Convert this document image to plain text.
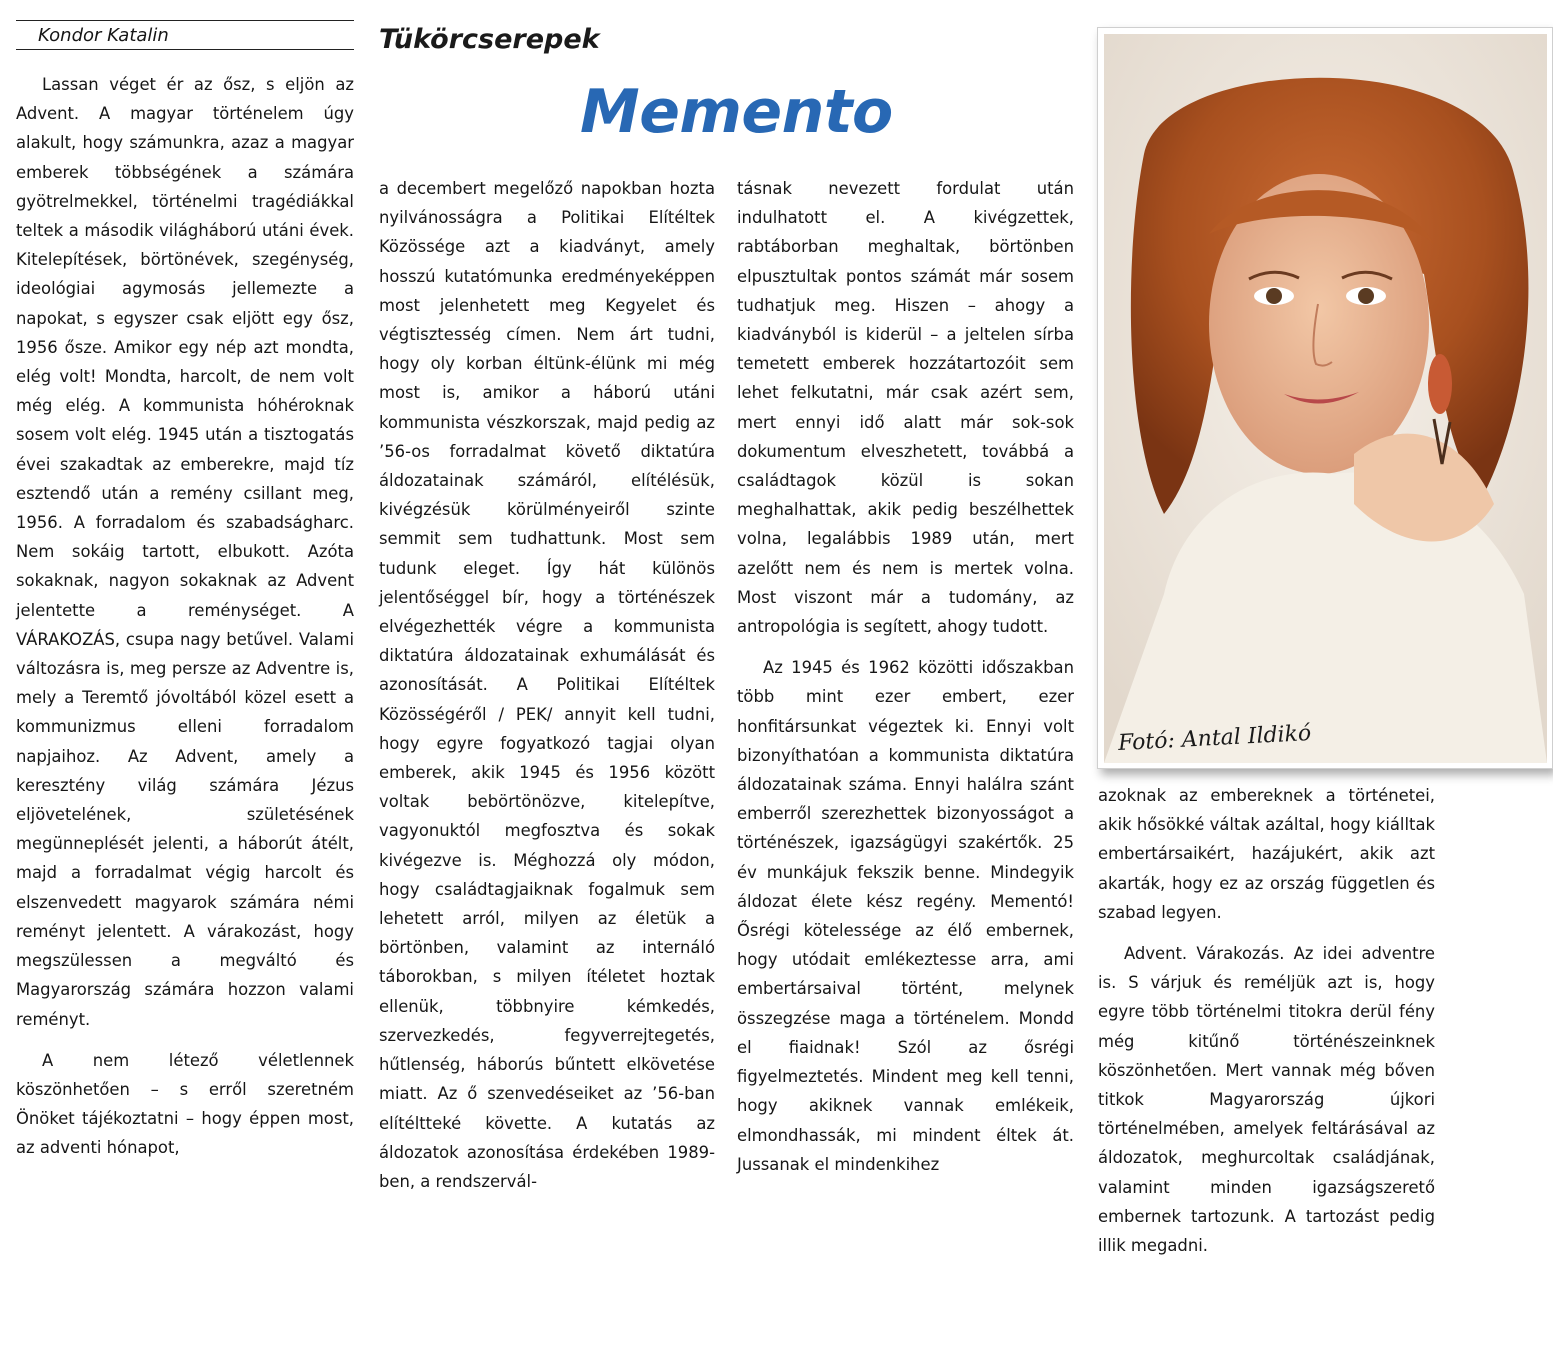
Kondor Katalin	Tükörcserepek
Memento

Lassan véget ér az ősz, s eljön az Advent. A magyar történelem úgy alakult, hogy számunkra, azaz a magyar emberek többségének a számára gyötrelmekkel, történelmi tragédiákkal teltek a második világháború utáni évek. Kitelepítések, börtönévek, szegénység, ideológiai agymosás jellemezte a napokat, s egyszer csak eljött egy ősz, 1956 ősze. Amikor egy nép azt mondta, elég volt! Mondta, harcolt, de nem volt még elég. A kommunista hóhéroknak sosem volt elég. 1945 után a tisztogatás évei szakadtak az emberekre, majd tíz esztendő után a remény csillant meg, 1956. A forradalom és szabadságharc. Nem sokáig tartott, elbukott. Azóta sokaknak, nagyon sokaknak az Advent jelentette a reménységet. A VÁRAKOZÁS, csupa nagy betűvel. Valami változásra is, meg persze az Adventre is, mely a Teremtő jóvoltából közel esett a kommunizmus elleni forradalom napjaihoz. Az Advent, amely a keresztény világ számára Jézus eljövetelének, születésének megünneplését jelenti, a háborút átélt, majd a forradalmat végig harcolt és elszenvedett magyarok számára némi reményt jelentett. A várakozást, hogy megszülessen a megváltó és Magyarország számára hozzon valami reményt.

A nem létező véletlennek köszönhetően – s erről szeretném Önöket tájékoztatni – hogy éppen most, az adventi hónapot,

a decembert megelőző napokban hozta nyilvánosságra a Politikai Elítéltek Közössége azt a kiadványt, amely hosszú kutatómunka eredményeképpen most jelenhetett meg Kegyelet és végtisztesség címen. Nem árt tudni, hogy oly korban éltünk-élünk mi még most is, amikor a háború utáni kommunista vészkorszak, majd pedig az ’56-os forradalmat követő diktatúra áldozatainak számáról, elítélésük, kivégzésük körülményeiről szinte semmit sem tudhattunk. Most sem tudunk eleget. Így hát különös jelentőséggel bír, hogy a történészek elvégezhették végre a kommunista diktatúra áldozatainak exhumálását és azonosítását. A Politikai Elítéltek Közösségéről / PEK/ annyit kell tudni, hogy egyre fogyatkozó tagjai olyan emberek, akik 1945 és 1956 között voltak bebörtönözve, kitelepítve, vagyonuktól megfosztva és sokak kivégezve is. Méghozzá oly módon, hogy családtagjaiknak fogalmuk sem lehetett arról, milyen az életük a börtönben, valamint az internáló táborokban, s milyen ítéletet hoztak ellenük, többnyire kémkedés, szervezkedés, fegyverrejtegetés, hűtlenség, háborús bűntett elkövetése miatt. Az ő szenvedéseiket az ’56-ban elítéltteké követte. A kutatás az áldozatok azonosítása érdekében 1989-ben, a rendszervál-

tásnak nevezett fordulat után indulhatott el. A kivégzettek, rabtáborban meghaltak, börtönben elpusztultak pontos számát már sosem tudhatjuk meg. Hiszen – ahogy a kiadványból is kiderül – a jeltelen sírba temetett emberek hozzátartozóit sem lehet felkutatni, már csak azért sem, mert ennyi idő alatt már sok-sok dokumentum elveszhetett, továbbá a családtagok közül is sokan meghalhattak, akik pedig beszélhettek volna, legalábbis 1989 után, mert azelőtt nem és nem is mertek volna. Most viszont már a tudomány, az antropológia is segített, ahogy tudott.

Az 1945 és 1962 közötti időszakban több mint ezer embert, ezer honfitársunkat végeztek ki. Ennyi volt bizonyíthatóan a kommunista diktatúra áldozatainak száma. Ennyi halálra szánt emberről szerezhettek bizonyosságot a történészek, igazságügyi szakértők. 25 év munkájuk fekszik benne. Mindegyik áldozat élete kész regény. Mementó! Ősrégi kötelessége az élő embernek, hogy utódait emlékeztesse arra, ami embertársaival történt, melynek összegzése maga a történelem. Mondd el fiaidnak! Szól az ősrégi figyelmeztetés. Mindent meg kell tenni, hogy akiknek vannak emlékeik, elmondhassák, mi mindent éltek át. Jussanak el mindenkihez

Fotó: Antal Ildikó

azoknak az embereknek a történetei, akik hősökké váltak azáltal, hogy kiálltak embertársaikért, hazájukért, akik azt akarták, hogy ez az ország független és szabad legyen.

Advent. Várakozás. Az idei adventre is. S várjuk és reméljük azt is, hogy egyre több történelmi titokra derül fény még kitűnő történészeinknek köszönhetően. Mert vannak még bőven titkok Magyarország újkori történelmében, amelyek feltárásával az áldozatok, meghurcoltak családjának, valamint minden igazságszerető embernek tartozunk. A tartozást pedig illik megadni.
